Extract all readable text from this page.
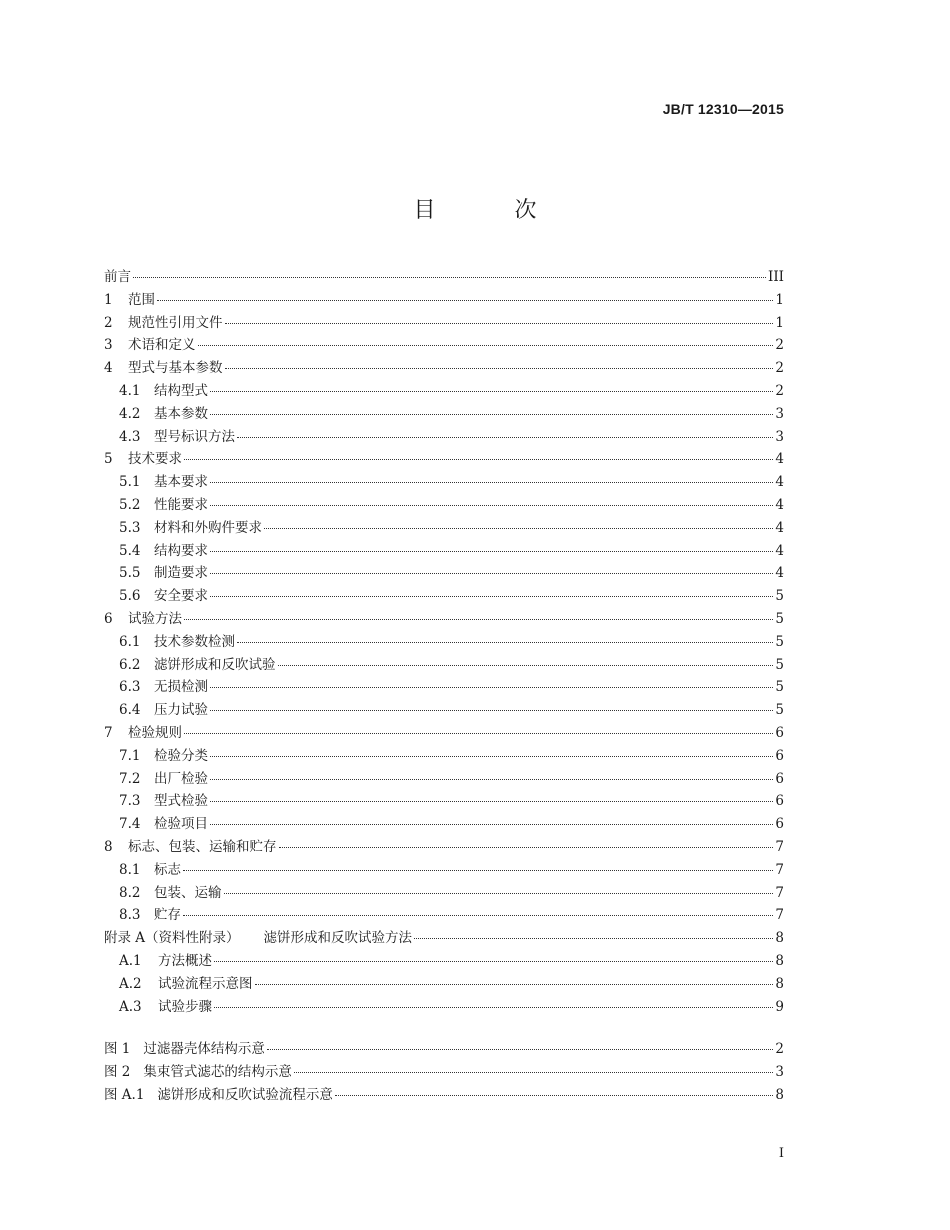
JB/T 12310—2015
目 次
前言	III
1	范围	1
2	规范性引用文件	1
3	术语和定义	2
4	型式与基本参数	2
4.1	结构型式	2
4.2	基本参数	3
4.3	型号标识方法	3
5	技术要求	4
5.1	基本要求	4
5.2	性能要求	4
5.3	材料和外购件要求	4
5.4	结构要求	4
5.5	制造要求	4
5.6	安全要求	5
6	试验方法	5
6.1	技术参数检测	5
6.2	滤饼形成和反吹试验	5
6.3	无损检测	5
6.4	压力试验	5
7	检验规则	6
7.1	检验分类	6
7.2	出厂检验	6
7.3	型式检验	6
7.4	检验项目	6
8	标志、包装、运输和贮存	7
8.1	标志	7
8.2	包装、运输	7
8.3	贮存	7
附录 A（资料性附录） 滤饼形成和反吹试验方法	8
A.1	方法概述	8
A.2	试验流程示意图	8
A.3	试验步骤	9
图 1 过滤器壳体结构示意	2
图 2 集束管式滤芯的结构示意	3
图 A.1 滤饼形成和反吹试验流程示意	8
I
